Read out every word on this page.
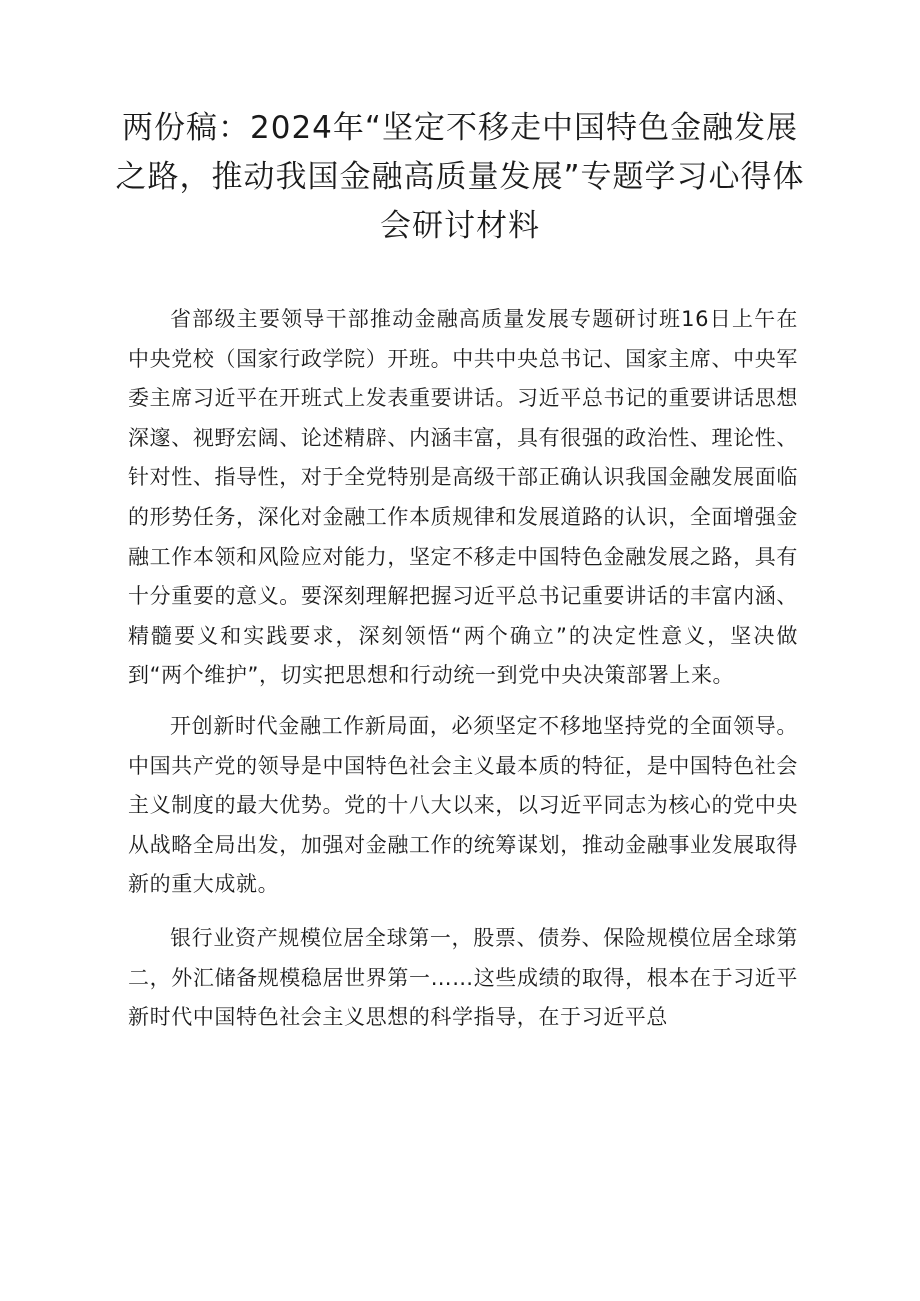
两份稿：2024年“坚定不移走中国特色金融发展之路，推动我国金融高质量发展”专题学习心得体会研讨材料

省部级主要领导干部推动金融高质量发展专题研讨班16日上午在中央党校（国家行政学院）开班。中共中央总书记、国家主席、中央军委主席习近平在开班式上发表重要讲话。习近平总书记的重要讲话思想深邃、视野宏阔、论述精辟、内涵丰富，具有很强的政治性、理论性、针对性、指导性，对于全党特别是高级干部正确认识我国金融发展面临的形势任务，深化对金融工作本质规律和发展道路的认识，全面增强金融工作本领和风险应对能力，坚定不移走中国特色金融发展之路，具有十分重要的意义。要深刻理解把握习近平总书记重要讲话的丰富内涵、精髓要义和实践要求，深刻领悟“两个确立”的决定性意义，坚决做到“两个维护”，切实把思想和行动统一到党中央决策部署上来。

开创新时代金融工作新局面，必须坚定不移地坚持党的全面领导。中国共产党的领导是中国特色社会主义最本质的特征，是中国特色社会主义制度的最大优势。党的十八大以来，以习近平同志为核心的党中央从战略全局出发，加强对金融工作的统筹谋划，推动金融事业发展取得新的重大成就。

银行业资产规模位居全球第一，股票、债券、保险规模位居全球第二，外汇储备规模稳居世界第一……这些成绩的取得，根本在于习近平新时代中国特色社会主义思想的科学指导，在于习近平总
